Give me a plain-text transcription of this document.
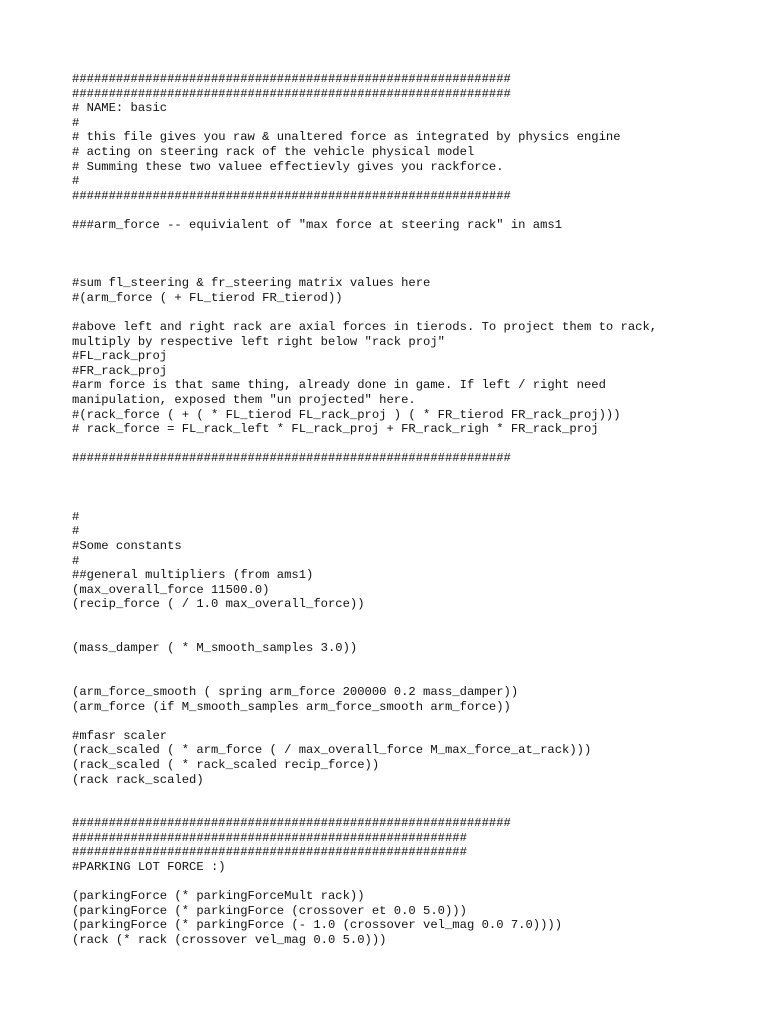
############################################################
############################################################
# NAME: basic
#
# this file gives you raw & unaltered force as integrated by physics engine
# acting on steering rack of the vehicle physical model
# Summing these two valuee effectievly gives you rackforce.
#
############################################################
###arm_force -- equivialent of "max force at steering rack" in ams1
#sum fl_steering & fr_steering matrix values here
#(arm_force ( + FL_tierod FR_tierod))
#above left and right rack are axial forces in tierods. To project them to rack,
multiply by respective left right below "rack proj"
#FL_rack_proj
#FR_rack_proj
#arm force is that same thing, already done in game. If left / right need
manipulation, exposed them "un projected" here.
#(rack_force ( + ( * FL_tierod FL_rack_proj ) ( * FR_tierod FR_rack_proj)))
# rack_force = FL_rack_left * FL_rack_proj + FR_rack_righ * FR_rack_proj
############################################################
#
#
#Some constants
#
##general multipliers (from ams1)
(max_overall_force 11500.0)
(recip_force ( / 1.0 max_overall_force))
(mass_damper ( * M_smooth_samples 3.0))
(arm_force_smooth ( spring arm_force 200000 0.2 mass_damper))
(arm_force (if M_smooth_samples arm_force_smooth arm_force))
#mfasr scaler
(rack_scaled ( * arm_force ( / max_overall_force M_max_force_at_rack)))
(rack_scaled ( * rack_scaled recip_force))
(rack rack_scaled)
############################################################
######################################################
######################################################
#PARKING LOT FORCE :)
(parkingForce (* parkingForceMult rack))
(parkingForce (* parkingForce (crossover et 0.0 5.0)))
(parkingForce (* parkingForce (- 1.0 (crossover vel_mag 0.0 7.0))))
(rack (* rack (crossover vel_mag 0.0 5.0)))
